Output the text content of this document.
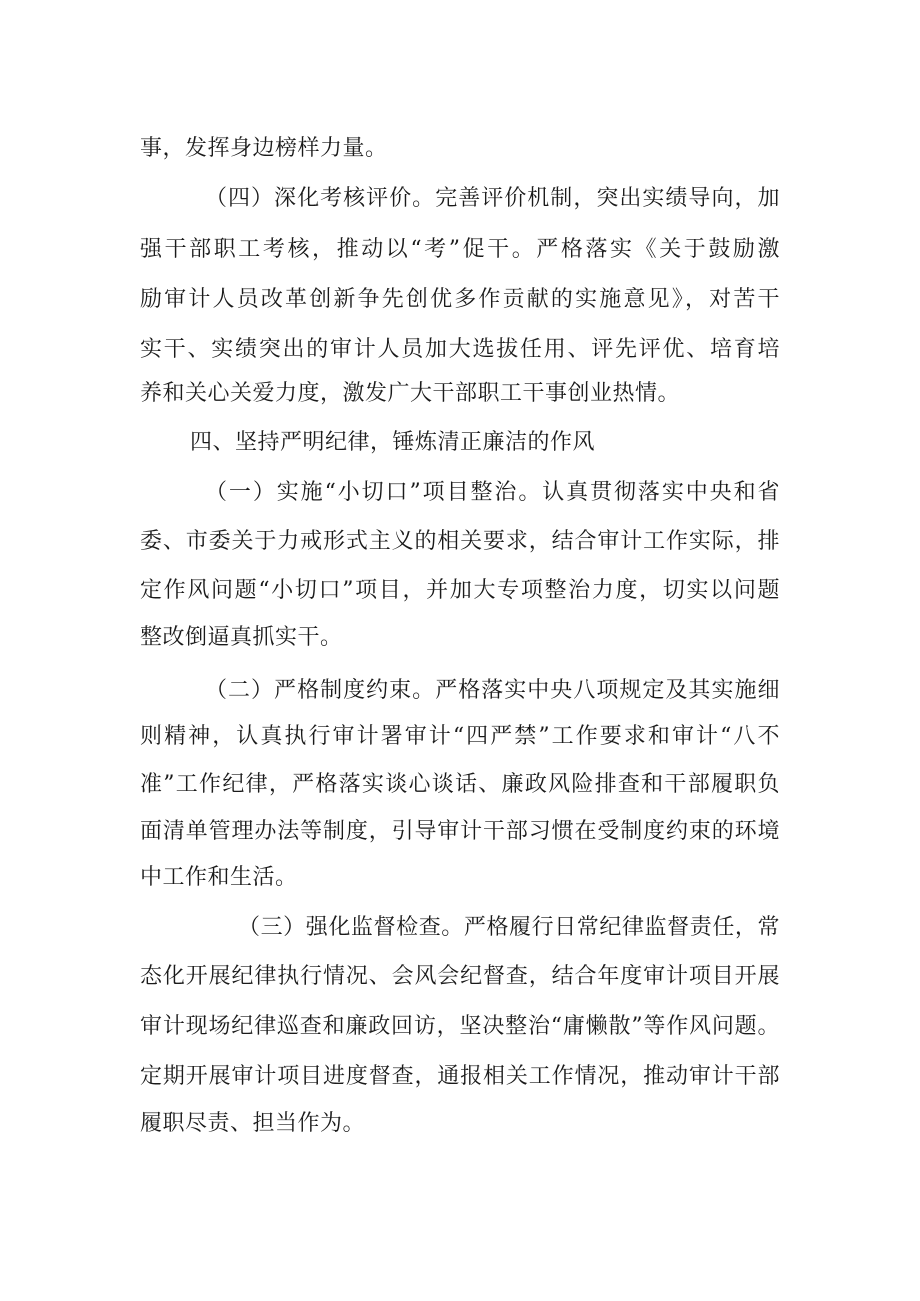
事，发挥身边榜样力量。
（四）深化考核评价。完善评价机制，突出实绩导向，加
强干部职工考核，推动以“考”促干。严格落实《关于鼓励激
励审计人员改革创新争先创优多作贡献的实施意见》，对苦干
实干、实绩突出的审计人员加大选拔任用、评先评优、培育培
养和关心关爱力度，激发广大干部职工干事创业热情。
四、坚持严明纪律，锤炼清正廉洁的作风
（一）实施“小切口”项目整治。认真贯彻落实中央和省
委、市委关于力戒形式主义的相关要求，结合审计工作实际，排
定作风问题“小切口”项目，并加大专项整治力度，切实以问题
整改倒逼真抓实干。
（二）严格制度约束。严格落实中央八项规定及其实施细
则精神，认真执行审计署审计“四严禁”工作要求和审计“八不
准”工作纪律，严格落实谈心谈话、廉政风险排查和干部履职负
面清单管理办法等制度，引导审计干部习惯在受制度约束的环境
中工作和生活。
（三）强化监督检查。严格履行日常纪律监督责任，常
态化开展纪律执行情况、会风会纪督查，结合年度审计项目开展
审计现场纪律巡查和廉政回访，坚决整治“庸懒散”等作风问题。
定期开展审计项目进度督查，通报相关工作情况，推动审计干部
履职尽责、担当作为。
